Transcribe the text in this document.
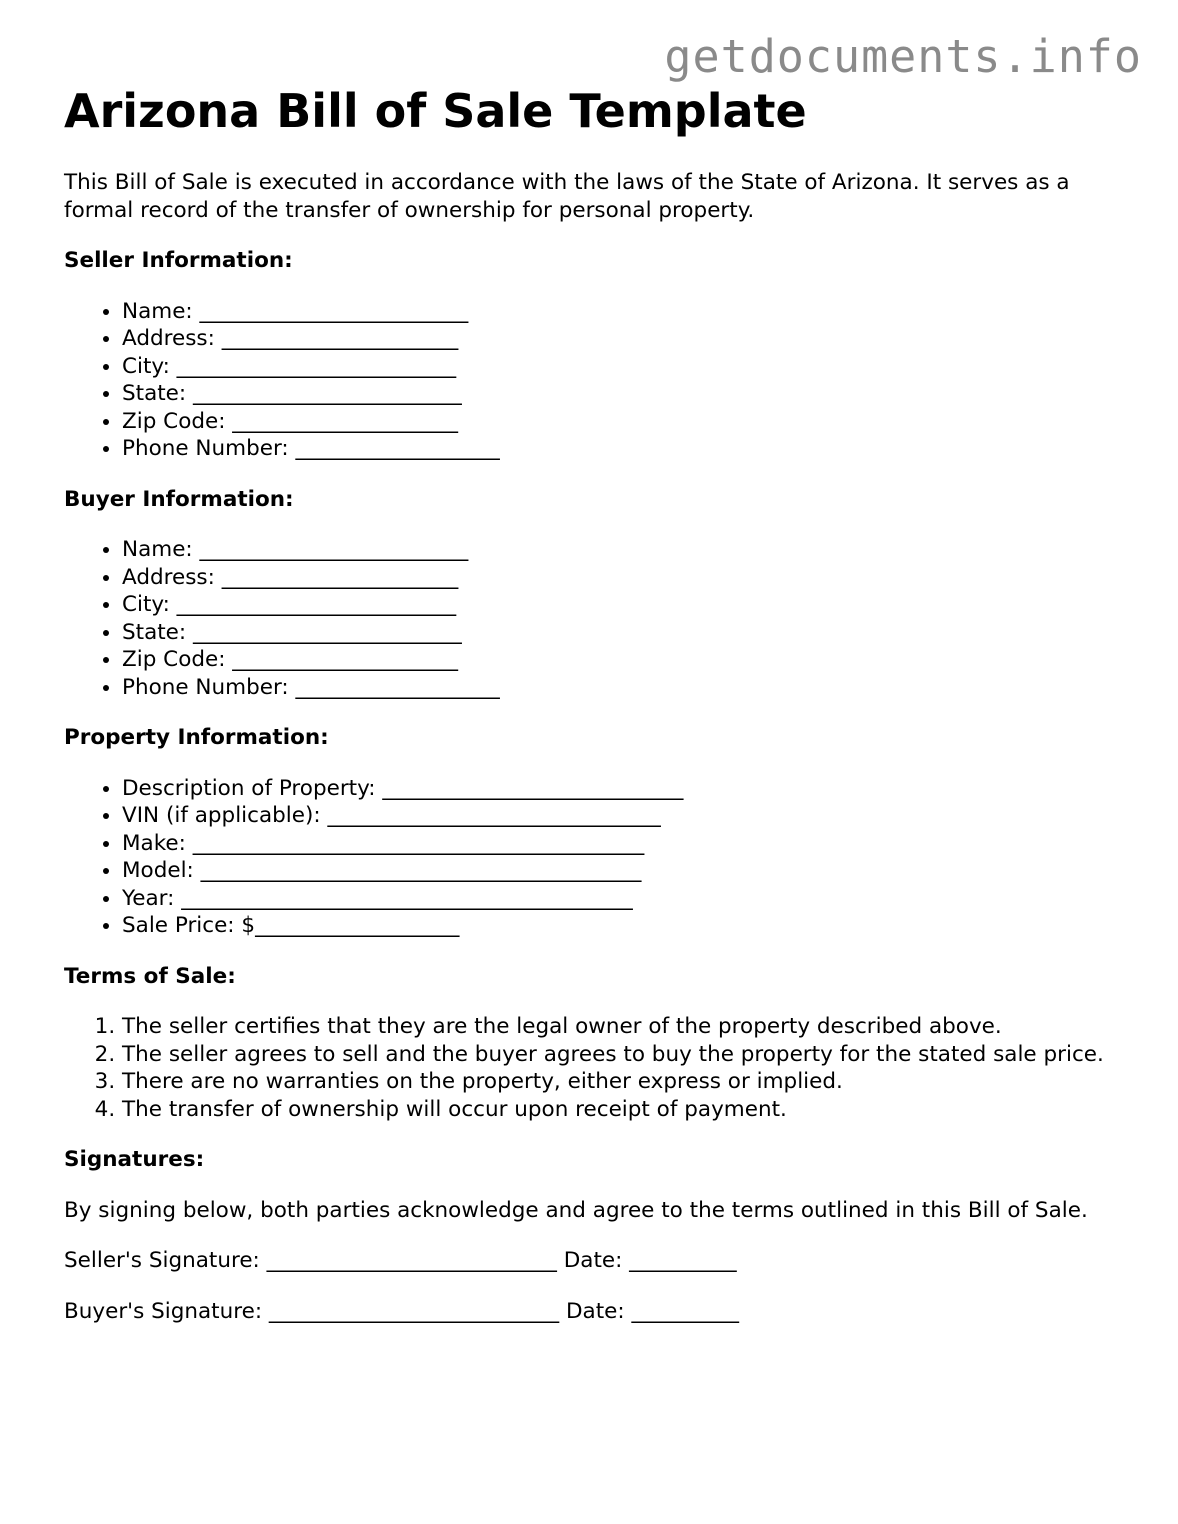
getdocuments.info
Arizona Bill of Sale Template

This Bill of Sale is executed in accordance with the laws of the State of Arizona. It serves as a formal record of the transfer of ownership for personal property.

Seller Information:
• Name: _________________________
• Address: ______________________
• City: __________________________
• State: _________________________
• Zip Code: _____________________
• Phone Number: ___________________
Buyer Information:
• Name: _________________________
• Address: ______________________
• City: __________________________
• State: _________________________
• Zip Code: _____________________
• Phone Number: ___________________
Property Information:
• Description of Property: ____________________________
• VIN (if applicable): _______________________________
• Make: __________________________________________
• Model: _________________________________________
• Year: __________________________________________
• Sale Price: $___________________
Terms of Sale:
1. The seller certifies that they are the legal owner of the property described above.
2. The seller agrees to sell and the buyer agrees to buy the property for the stated sale price.
3. There are no warranties on the property, either express or implied.
4. The transfer of ownership will occur upon receipt of payment.
Signatures:

By signing below, both parties acknowledge and agree to the terms outlined in this Bill of Sale.

Seller's Signature: ___________________________ Date: __________

Buyer's Signature: ___________________________ Date: __________
